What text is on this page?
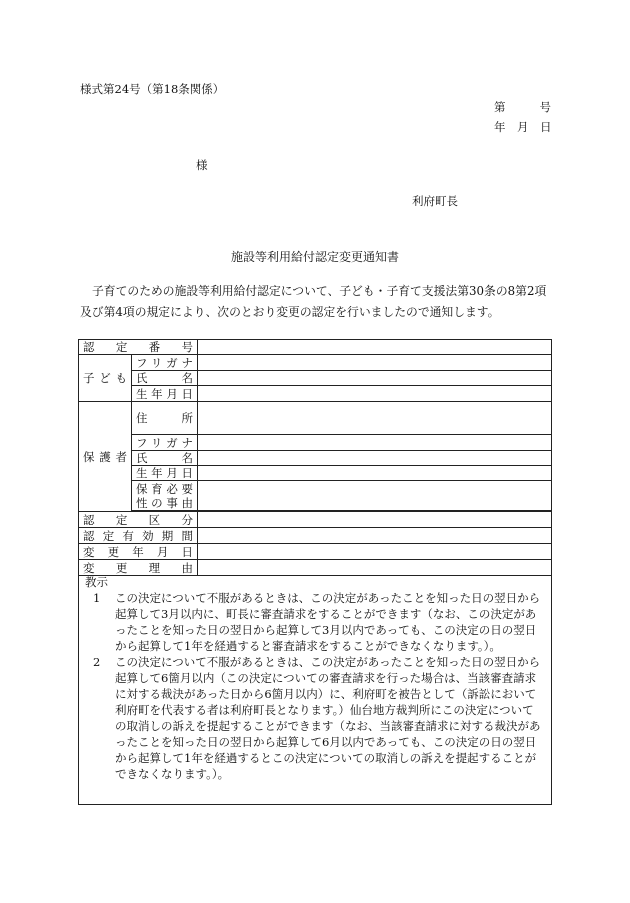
様式第24号（第18条関係）
第	号
年　月　日
様
利府町長
施設等利用給付認定変更通知書
子育てのための施設等利用給付認定について、子ども・子育て支援法第30条の8第2項及び第4項の規定により、次のとおり変更の認定を行いましたので通知します。
認　定　番　号		
子ども	フリガナ	
	氏　　名	
	生年月日	
保護者	住　　所	
	フリガナ	
	氏　　名	
	生年月日	

	保育必要
性の事由	

認　定　区　分		
認定有効期間		
変　更　年　月　日		
変　更　理　由		
教示
1	この決定について不服があるときは、この決定があったことを知った日の翌日から起算して3月以内に、町長に審査請求をすることができます（なお、この決定があったことを知った日の翌日から起算して3月以内であっても、この決定の日の翌日から起算して1年を経過すると審査請求をすることができなくなります。）。
2	この決定について不服があるときは、この決定があったことを知った日の翌日から起算して6箇月以内（この決定についての審査請求を行った場合は、当該審査請求に対する裁決があった日から6箇月以内）に、利府町を被告として（訴訟において利府町を代表する者は利府町長となります。）仙台地方裁判所にこの決定についての取消しの訴えを提起することができます（なお、当該審査請求に対する裁決があったことを知った日の翌日から起算して6月以内であっても、この決定の日の翌日から起算して1年を経過するとこの決定についての取消しの訴えを提起することができなくなります。）。
